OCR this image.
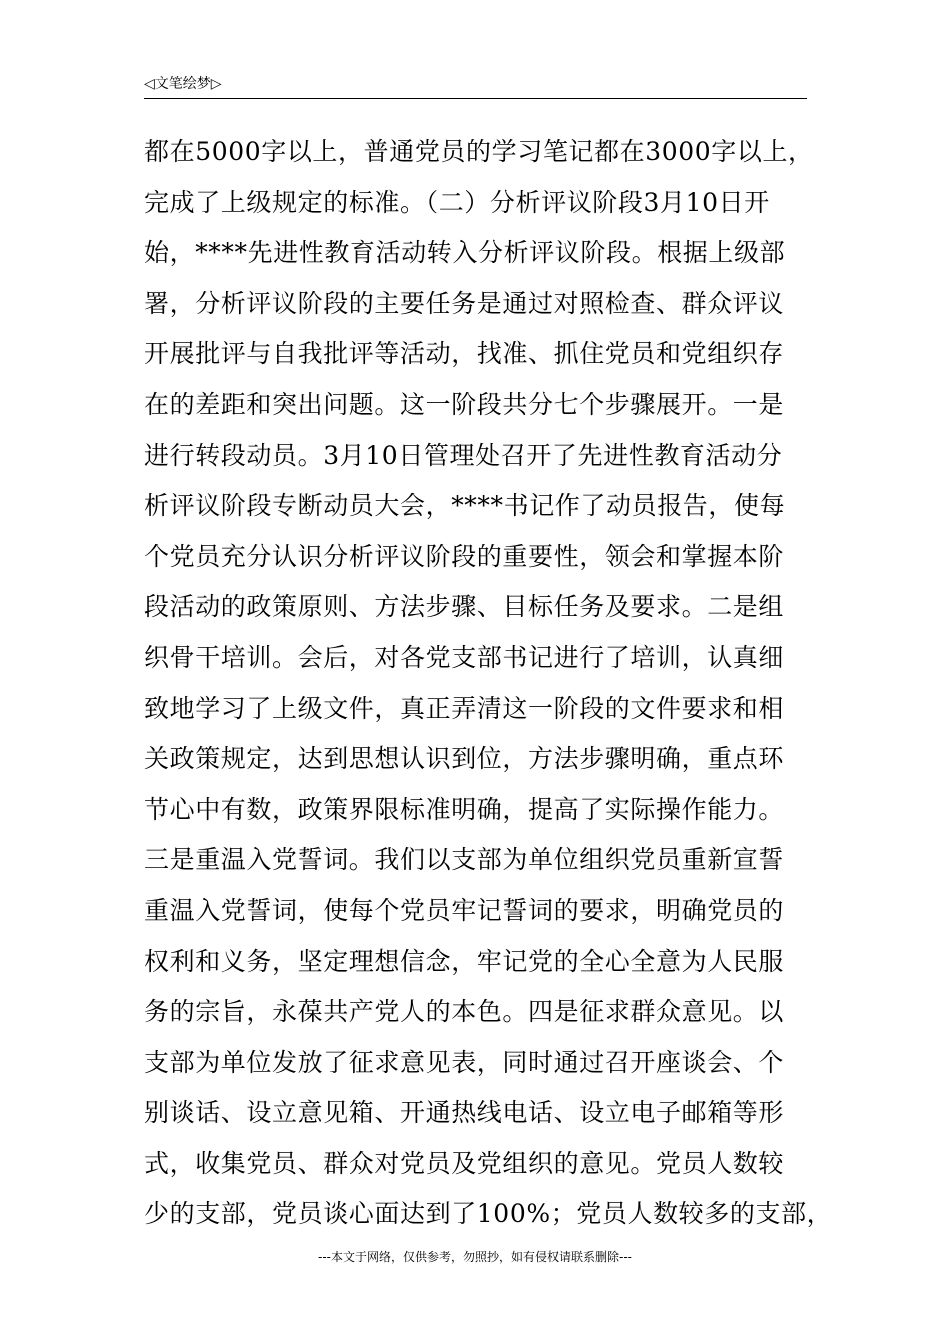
◁文笔绘梦▷
都在5000字以上，普通党员的学习笔记都在3000字以上，
完成了上级规定的标准。（二）分析评议阶段3月10日开
始，****先进性教育活动转入分析评议阶段。根据上级部
署，分析评议阶段的主要任务是通过对照检查、群众评议
开展批评与自我批评等活动，找准、抓住党员和党组织存
在的差距和突出问题。这一阶段共分七个步骤展开。一是
进行转段动员。3月10日管理处召开了先进性教育活动分
析评议阶段专断动员大会，****书记作了动员报告，使每
个党员充分认识分析评议阶段的重要性，领会和掌握本阶
段活动的政策原则、方法步骤、目标任务及要求。二是组
织骨干培训。会后，对各党支部书记进行了培训，认真细
致地学习了上级文件，真正弄清这一阶段的文件要求和相
关政策规定，达到思想认识到位，方法步骤明确，重点环
节心中有数，政策界限标准明确，提高了实际操作能力。
三是重温入党誓词。我们以支部为单位组织党员重新宣誓
重温入党誓词，使每个党员牢记誓词的要求，明确党员的
权利和义务，坚定理想信念，牢记党的全心全意为人民服
务的宗旨，永葆共产党人的本色。四是征求群众意见。以
支部为单位发放了征求意见表，同时通过召开座谈会、个
别谈话、设立意见箱、开通热线电话、设立电子邮箱等形
式，收集党员、群众对党员及党组织的意见。党员人数较
少的支部，党员谈心面达到了100%；党员人数较多的支部，
---本文于网络，仅供参考，勿照抄，如有侵权请联系删除---
